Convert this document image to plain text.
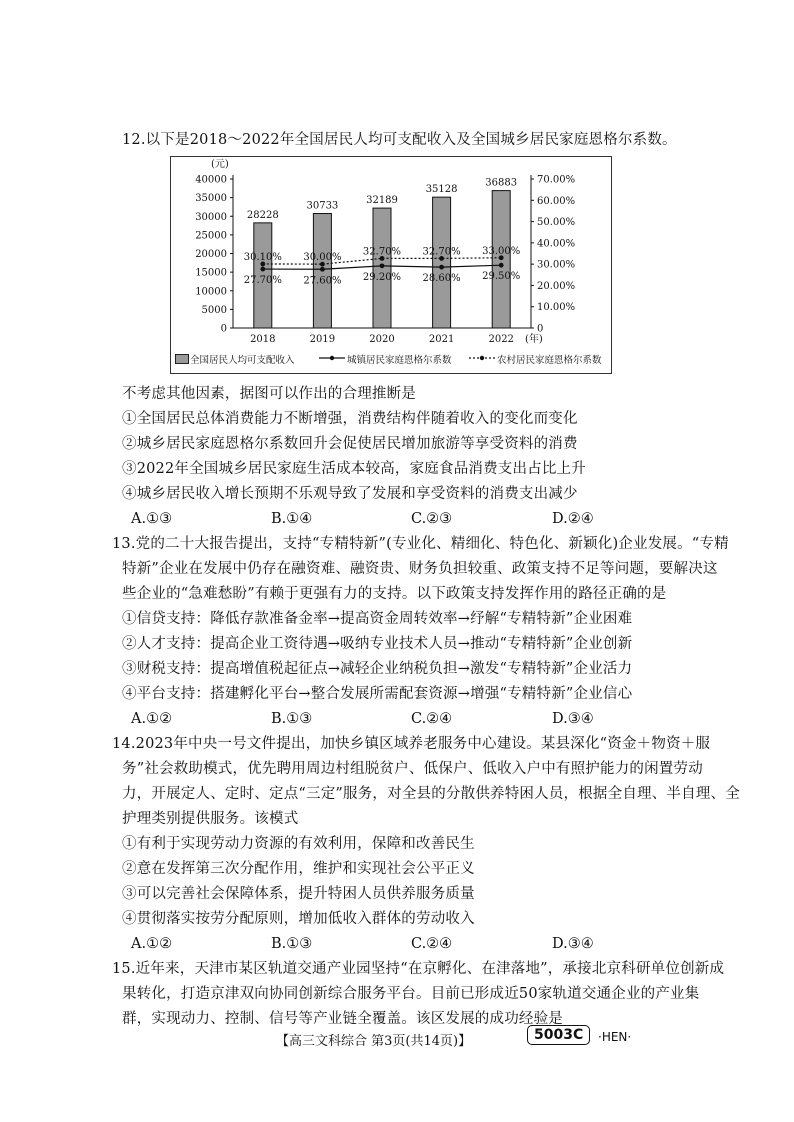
12.以下是2018～2022年全国居民人均可支配收入及全国城乡居民家庭恩格尔系数。
(元)
40000
35000
30000
25000
20000
15000
10000
5000
0
70.00%
60.00%
50.00%
40.00%
30.00%
20.00%
10.00%
0
28228
30733	32189
35128
36883
2018	2019	2020	2021	2022 (年)
27.70% 27.60% 29.20% 28.60% 29.50%
30.10% 30.00%
32.70% 32.70% 33.00%
全国居民人均可支配收入	城镇居民家庭恩格尔系数	农村居民家庭恩格尔系数
不考虑其他因素，据图可以作出的合理推断是
①全国居民总体消费能力不断增强，消费结构伴随着收入的变化而变化
②城乡居民家庭恩格尔系数回升会促使居民增加旅游等享受资料的消费
③2022年全国城乡居民家庭生活成本较高，家庭食品消费支出占比上升
④城乡居民收入增长预期不乐观导致了发展和享受资料的消费支出减少
A.①③	B.①④	C.②③	D.②④
13.党的二十大报告提出，支持“专精特新”(专业化、精细化、特色化、新颖化)企业发展。“专精
特新”企业在发展中仍存在融资难、融资贵、财务负担较重、政策支持不足等问题，要解决这
些企业的“急难愁盼”有赖于更强有力的支持。以下政策支持发挥作用的路径正确的是
①信贷支持：降低存款准备金率→提高资金周转效率→纾解“专精特新”企业困难
②人才支持：提高企业工资待遇→吸纳专业技术人员→推动“专精特新”企业创新
③财税支持：提高增值税起征点→减轻企业纳税负担→激发“专精特新”企业活力
④平台支持：搭建孵化平台→整合发展所需配套资源→增强“专精特新”企业信心
A.①②	B.①③	C.②④	D.③④
14.2023年中央一号文件提出，加快乡镇区域养老服务中心建设。某县深化“资金＋物资＋服
务”社会救助模式，优先聘用周边村组脱贫户、低保户、低收入户中有照护能力的闲置劳动
力，开展定人、定时、定点“三定”服务，对全县的分散供养特困人员，根据全自理、半自理、全
护理类别提供服务。该模式
①有利于实现劳动力资源的有效利用，保障和改善民生
②意在发挥第三次分配作用，维护和实现社会公平正义
③可以完善社会保障体系，提升特困人员供养服务质量
④贯彻落实按劳分配原则，增加低收入群体的劳动收入
A.①②	B.①③	C.②④	D.③④
15.近年来，天津市某区轨道交通产业园坚持“在京孵化、在津落地”，承接北京科研单位创新成
果转化，打造京津双向协同创新综合服务平台。目前已形成近50家轨道交通企业的产业集
群，实现动力、控制、信号等产业链全覆盖。该区发展的成功经验是
【高三文科综合 第3页(共14页)】	5003C	·HEN·
